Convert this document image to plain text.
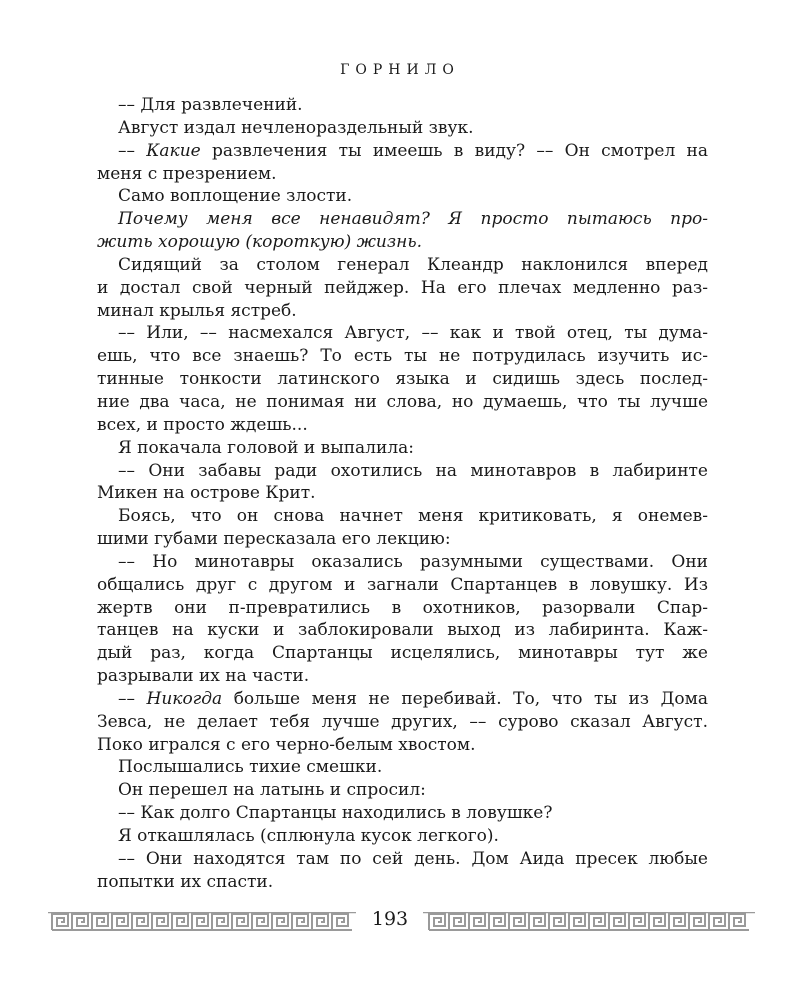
ГОРНИЛО
–– Для развлечений.
Август издал нечленораздельный звук.
–– Какие развлечения ты имеешь в виду? –– Он смотрел на
меня с презрением.
Само воплощение злости.
Почему меня все ненавидят? Я просто пытаюсь про-
жить хорошую (короткую) жизнь.
Сидящий за столом генерал Клеандр наклонился вперед
и достал свой черный пейджер. На его плечах медленно раз-
минал крылья ястреб.
–– Или, –– насмехался Август, –– как и твой отец, ты дума-
ешь, что все знаешь? То есть ты не потрудилась изучить ис-
тинные тонкости латинского языка и сидишь здесь послед-
ние два часа, не понимая ни слова, но думаешь, что ты лучше
всех, и просто ждешь...
Я покачала головой и выпалила:
–– Они забавы ради охотились на минотавров в лабиринте
Микен на острове Крит.
Боясь, что он снова начнет меня критиковать, я онемев-
шими губами пересказала его лекцию:
–– Но минотавры оказались разумными существами. Они
общались друг с другом и загнали Спартанцев в ловушку. Из
жертв они п-превратились в охотников, разорвали Спар-
танцев на куски и заблокировали выход из лабиринта. Каж-
дый раз, когда Спартанцы исцелялись, минотавры тут же
разрывали их на части.
–– Никогда больше меня не перебивай. То, что ты из Дома
Зевса, не делает тебя лучше других, –– сурово сказал Август.
Поко игрался с его черно-белым хвостом.
Послышались тихие смешки.
Он перешел на латынь и спросил:
–– Как долго Спартанцы находились в ловушке?
Я откашлялась (сплюнула кусок легкого).
–– Они находятся там по сей день. Дом Аида пресек любые
попытки их спасти.
193
